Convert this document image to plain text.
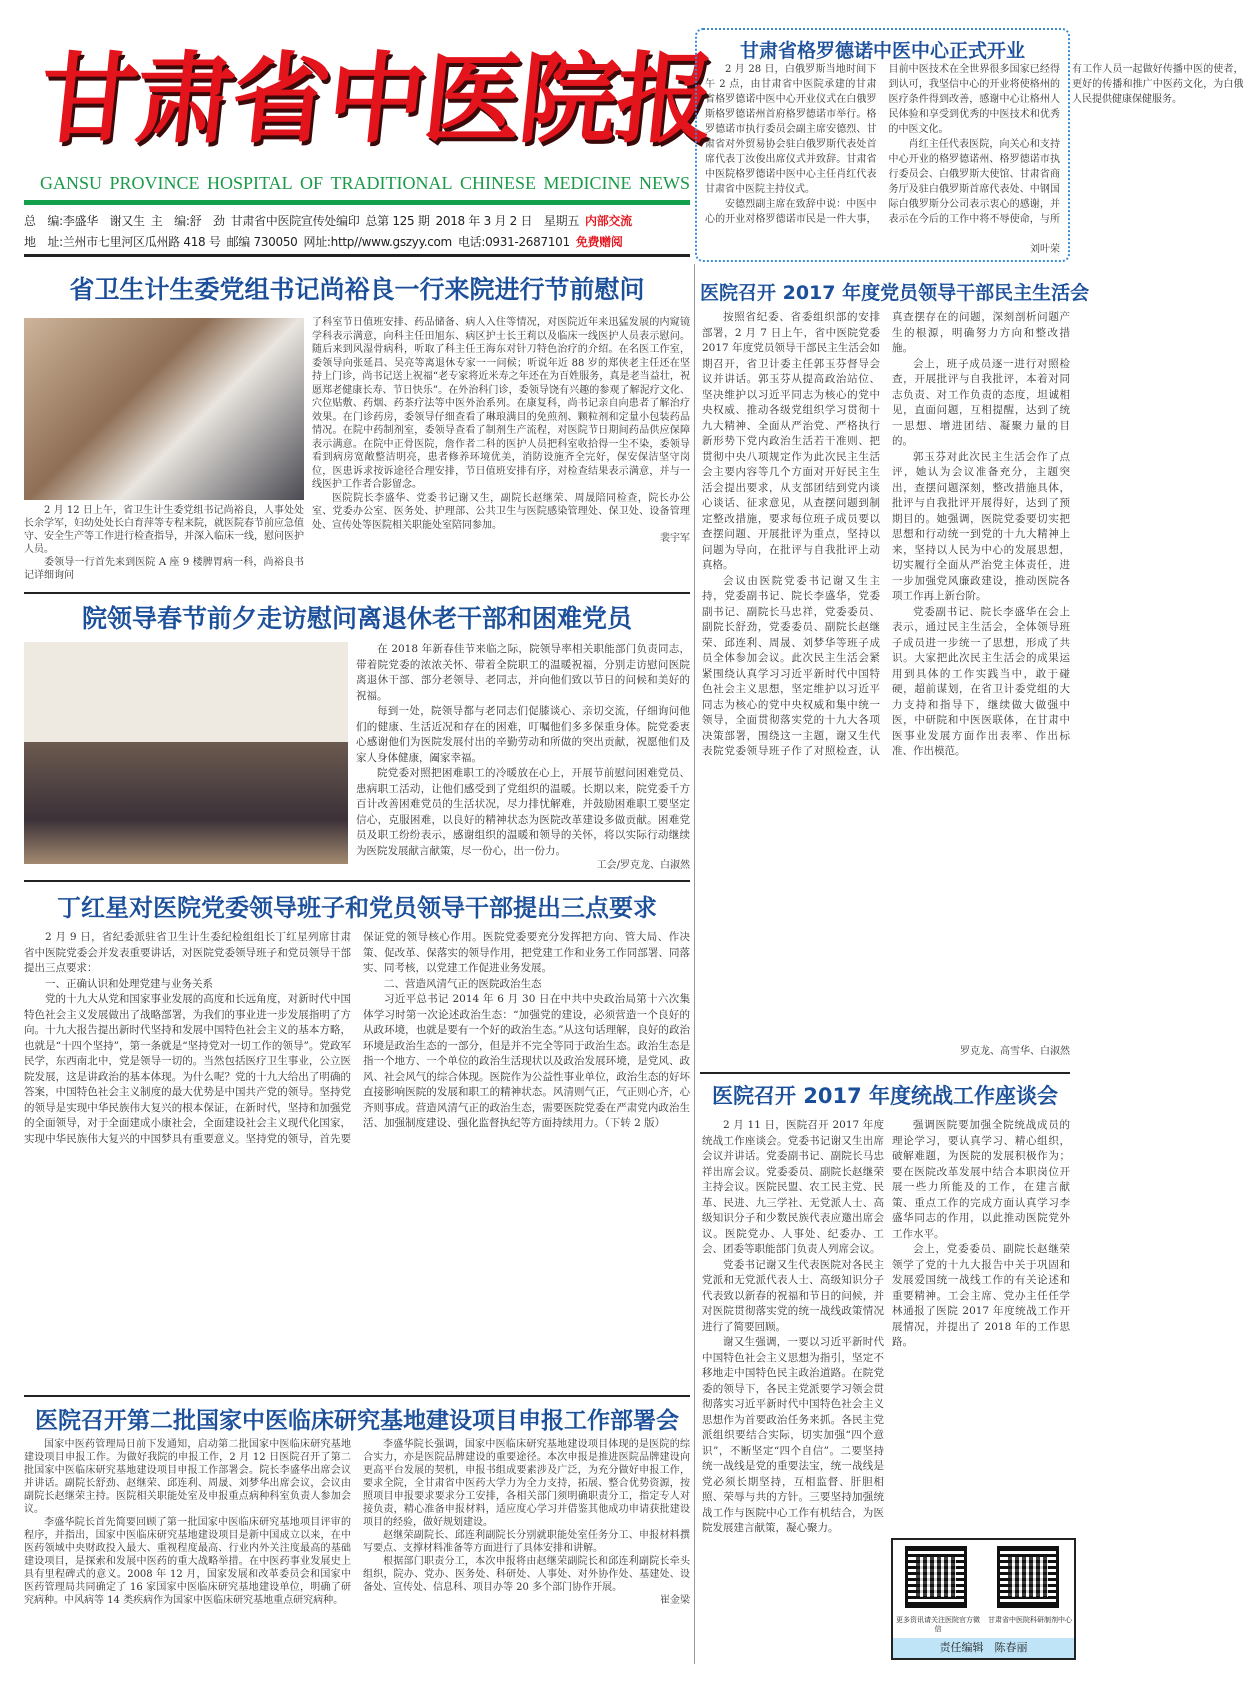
甘肃省中医院报
GANSU PROVINCE HOSPITAL OF TRADITIONAL CHINESE MEDICINE NEWS
总　编:李盛华　谢又生 主　编:舒　劲 甘肃省中医院宣传处编印 总第 125 期 2018 年 3 月 2 日　星期五 内部交流
地　址:兰州市七里河区瓜州路 418 号 邮编 730050 网址:http//www.gszyy.com 电话:0931-2687101 免费赠阅
甘肃省格罗德诺中医中心正式开业

2 月 28 日，白俄罗斯当地时间下午 2 点，由甘肃省中医院承建的甘肃省格罗德诺中医中心开业仪式在白俄罗斯格罗德诺州首府格罗德诺市举行。格罗德诺市执行委员会副主席安德烈、甘肃省对外贸易协会驻白俄罗斯代表处首席代表丁汝俊出席仪式并致辞。甘肃省中医院格罗德诺中医中心主任肖红代表甘肃省中医院主持仪式。

安德烈副主席在致辞中说：中医中心的开业对格罗德诺市民是一件大事，目前中医技术在全世界很多国家已经得到认可，我坚信中心的开业将使格州的医疗条件得到改善，感谢中心让格州人民体验和享受到优秀的中医技术和优秀的中医文化。

肖红主任代表医院，向关心和支持中心开业的格罗德诺州、格罗德诺市执行委员会、白俄罗斯大使馆、甘肃省商务厅及驻白俄罗斯首席代表处、中钢国际白俄罗斯分公司表示衷心的感谢，并表示在今后的工作中将不辱使命，与所有工作人员一起做好传播中医的使者，更好的传播和推广中医药文化，为白俄人民提供健康保健服务。

刘叶荣
省卫生计生委党组书记尚裕良一行来院进行节前慰问

2 月 12 日上午，省卫生计生委党组书记尚裕良，人事处处长余学军，妇幼处处长白育萍等专程来院，就医院春节前应急值守、安全生产等工作进行检查指导，并深入临床一线，慰问医护人员。

委领导一行首先来到医院 A 座 9 楼脾胃病一科，尚裕良书记详细询问

了科室节日值班安排、药品储备、病人入住等情况，对医院近年来迅猛发展的内窥镜学科表示满意，向科主任田旭东、病区护士长王莉以及临床一线医护人员表示慰问。随后来到风湿骨病科，听取了科主任王海东对针刀特色治疗的介绍。在名医工作室，委领导向张延昌、吴亮等离退休专家一一问候；听说年近 88 岁的郑侠老主任还在坚持上门诊，尚书记送上祝福“老专家将近米寿之年还在为百姓服务，真是老当益壮，祝愿郑老健康长寿、节日快乐”。在外治科门诊，委领导饶有兴趣的参观了解泥疗文化、穴位贴敷、药烟、药茶疗法等中医外治系列。在康复科，尚书记亲自向患者了解治疗效果。在门诊药房，委领导仔细查看了琳琅满目的免煎剂、颗粒剂和定量小包装药品情况。在院中药制剂室，委领导查看了制剂生产流程，对医院节日期间药品供应保障表示满意。在院中正骨医院，詹作者二科的医护人员把科室收拾得一尘不染，委领导看到病房宽敞整洁明亮，患者修养环境优美，消防设施齐全完好，保安保洁坚守岗位，医患诉求按诉途径合理安排，节日值班安排有序，对检查结果表示满意，并与一线医护工作者合影留念。

医院院长李盛华、党委书记谢又生，副院长赵继荣、周晟陪同检查，院长办公室、党委办公室、医务处、护理部、公共卫生与医院感染管理处、保卫处、设备管理处、宣传处等医院相关职能处室陪同参加。

裴宇军
院领导春节前夕走访慰问离退休老干部和困难党员

在 2018 年新春佳节来临之际，院领导率相关职能部门负责同志，带着院党委的浓浓关怀、带着全院职工的温暖祝福，分别走访慰问医院离退休干部、部分老领导、老同志，并向他们致以节日的问候和美好的祝福。

每到一处，院领导都与老同志们促膝谈心、亲切交流，仔细询问他们的健康、生活近况和存在的困难，叮嘱他们多多保重身体。院党委衷心感谢他们为医院发展付出的辛勤劳动和所做的突出贡献，祝愿他们及家人身体健康，阖家幸福。

院党委对照把困难职工的冷暖放在心上，开展节前慰问困难党员、患病职工活动，让他们感受到了党组织的温暖。长期以来，院党委千方百计改善困难党员的生活状况，尽力排忧解难，并鼓励困难职工要坚定信心，克服困难，以良好的精神状态为医院改革建设多做贡献。困难党员及职工纷纷表示，感谢组织的温暖和领导的关怀，将以实际行动继续为医院发展献言献策，尽一份心，出一份力。

工会/罗克龙、白淑然
丁红星对医院党委领导班子和党员领导干部提出三点要求

2 月 9 日，省纪委派驻省卫生计生委纪检组组长丁红星列席甘肃省中医院党委会并发表重要讲话，对医院党委领导班子和党员领导干部提出三点要求：

一、正确认识和处理党建与业务关系

党的十九大从党和国家事业发展的高度和长远角度，对新时代中国特色社会主义发展做出了战略部署，为我们的事业进一步发展指明了方向。十九大报告提出新时代坚持和发展中国特色社会主义的基本方略，也就是“十四个坚持”，第一条就是“坚持党对一切工作的领导”。党政军民学，东西南北中，党是领导一切的。当然包括医疗卫生事业，公立医院发展，这是讲政治的基本体现。为什么呢？党的十九大给出了明确的答案，中国特色社会主义制度的最大优势是中国共产党的领导。坚持党的领导是实现中华民族伟大复兴的根本保证，在新时代，坚持和加强党的全面领导，对于全面建成小康社会，全面建设社会主义现代化国家，实现中华民族伟大复兴的中国梦具有重要意义。坚持党的领导，首先要保证党的领导核心作用。医院党委要充分发挥把方向、管大局、作决策、促改革、保落实的领导作用，把党建工作和业务工作同部署、同落实、同考核，以党建工作促进业务发展。

二、营造风清气正的医院政治生态

习近平总书记 2014 年 6 月 30 日在中共中央政治局第十六次集体学习时第一次论述政治生态：“加强党的建设，必须营造一个良好的从政环境，也就是要有一个好的政治生态。”从这句话理解，良好的政治环境是政治生态的一部分，但是并不完全等同于政治生态。政治生态是指一个地方、一个单位的政治生活现状以及政治发展环境，是党风、政风、社会风气的综合体现。医院作为公益性事业单位，政治生态的好坏直接影响医院的发展和职工的精神状态。风清则气正，气正则心齐，心齐则事成。营造风清气正的政治生态，需要医院党委在严肃党内政治生活、加强制度建设、强化监督执纪等方面持续用力。（下转 2 版）

医院召开第二批国家中医临床研究基地建设项目申报工作部署会

国家中医药管理局日前下发通知，启动第二批国家中医临床研究基地建设项目申报工作。为做好我院的申报工作，2 月 12 日医院召开了第二批国家中医临床研究基地建设项目申报工作部署会。院长李盛华出席会议并讲话。副院长舒劲、赵继荣、邱连利、周晟、刘梦华出席会议，会议由副院长赵继荣主持。医院相关职能处室及申报重点病种科室负责人参加会议。

李盛华院长首先简要回顾了第一批国家中医临床研究基地项目评审的程序，并指出，国家中医临床研究基地建设项目是新中国成立以来，在中医药领域中央财政投入最大、重视程度最高、行业内外关注度最高的基础建设项目，是探索和发展中医药的重大战略举措。在中医药事业发展史上具有里程碑式的意义。2008 年 12 月，国家发展和改革委员会和国家中医药管理局共同确定了 16 家国家中医临床研究基地建设单位，明确了研究病种。中风病等 14 类疾病作为国家中医临床研究基地重点研究病种。

李盛华院长强调，国家中医临床研究基地建设项目体现的是医院的综合实力，亦是医院品牌建设的重要途径。本次申报是推进医院品牌建设向更高平台发展的契机，申报书组成要素涉及广泛，为充分做好申报工作，要求全院，全甘肃省中医药大学力为全力支持，拓展、整合优势资源，按照项目申报要求要求分工安排，各相关部门须明确职责分工，指定专人对接负责，精心准备申报材料，适应度心学习并借鉴其他成功申请获批建设项目的经验，做好规划建设。

赵继荣副院长、邱连利副院长分别就职能处室任务分工、申报材料撰写要点、支撑材料准备等方面进行了具体安排和讲解。

根据部门职责分工，本次申报将由赵继荣副院长和邱连利副院长牵头组织，院办、党办、医务处、科研处、人事处、对外协作处、基建处、设备处、宣传处、信息科、项目办等 20 多个部门协作开展。

崔金梁
医院召开 2017 年度党员领导干部民主生活会

按照省纪委、省委组织部的安排部署，2 月 7 日上午，省中医院党委 2017 年度党员领导干部民主生活会如期召开，省卫计委主任郭玉芬督导会议并讲话。郭玉芬从提高政治站位、坚决维护以习近平同志为核心的党中央权威、推动各级党组织学习贯彻十九大精神、全面从严治党、严格执行新形势下党内政治生活若干准则、把贯彻中央八项规定作为此次民主生活会主要内容等几个方面对开好民主生活会提出要求，从支部团结到党内谈心谈话、征求意见，从查摆问题到制定整改措施，要求每位班子成员要以查摆问题、开展批评为重点，坚持以问题为导向，在批评与自我批评上动真格。

会议由医院党委书记谢又生主持，党委副书记、院长李盛华，党委副书记、副院长马忠祥，党委委员、副院长舒劲，党委委员、副院长赵继荣、邱连利、周晟、刘梦华等班子成员全体参加会议。此次民主生活会紧紧围绕认真学习习近平新时代中国特色社会主义思想，坚定维护以习近平同志为核心的党中央权威和集中统一领导，全面贯彻落实党的十九大各项决策部署，围绕这一主题，谢又生代表院党委领导班子作了对照检查，认真查摆存在的问题，深刻剖析问题产生的根源，明确努力方向和整改措施。

会上，班子成员逐一进行对照检查，开展批评与自我批评，本着对同志负责、对工作负责的态度，坦诚相见，直面问题，互相提醒，达到了统一思想、增进团结、凝聚力量的目的。

郭玉芬对此次民主生活会作了点评，她认为会议准备充分，主题突出，查摆问题深刻，整改措施具体，批评与自我批评开展得好，达到了预期目的。她强调，医院党委要切实把思想和行动统一到党的十九大精神上来，坚持以人民为中心的发展思想，切实履行全面从严治党主体责任，进一步加强党风廉政建设，推动医院各项工作再上新台阶。

党委副书记、院长李盛华在会上表示，通过民主生活会，全体领导班子成员进一步统一了思想，形成了共识。大家把此次民主生活会的成果运用到具体的工作实践当中，敢于碰硬，超前谋划，在省卫计委党组的大力支持和指导下，继续做大做强中医，中研院和中医医联体，在甘肃中医事业发展方面作出表率、作出标准、作出模范。

罗克龙、高雪华、白淑然
医院召开 2017 年度统战工作座谈会

2 月 11 日，医院召开 2017 年度统战工作座谈会。党委书记谢又生出席会议并讲话。党委副书记、副院长马忠祥出席会议。党委委员、副院长赵继荣主持会议。医院民盟、农工民主党、民革、民进、九三学社、无党派人士、高级知识分子和少数民族代表应邀出席会议。医院党办、人事处、纪委办、工会、团委等职能部门负责人列席会议。

党委书记谢又生代表医院对各民主党派和无党派代表人士、高级知识分子代表致以新春的祝福和节日的问候，并对医院贯彻落实党的统一战线政策情况进行了简要回顾。

谢又生强调，一要以习近平新时代中国特色社会主义思想为指引，坚定不移地走中国特色民主政治道路。在院党委的领导下，各民主党派要学习领会贯彻落实习近平新时代中国特色社会主义思想作为首要政治任务来抓。各民主党派组织要结合实际，切实加强“四个意识”，不断坚定“四个自信”。二要坚持统一战线是党的重要法宝，统一战线是党必须长期坚持，互相监督、肝胆相照、荣辱与共的方针。三要坚持加强统战工作与医院中心工作有机结合，为医院发展建言献策，凝心聚力。

强调医院要加强全院统战成员的理论学习，要认真学习、精心组织，破解难题，为医院的发展积极作为；要在医院改革发展中结合本职岗位开展一些力所能及的工作，在建言献策、重点工作的完成方面认真学习李盛华同志的作用，以此推动医院党外工作水平。

会上，党委委员、副院长赵继荣领学了党的十九大报告中关于巩固和发展爱国统一战线工作的有关论述和重要精神。工会主席、党办主任任学林通报了医院 2017 年度统战工作开展情况，并提出了 2018 年的工作思路。

更多资讯请关注医院官方微信
甘肃省中医院科研制剂中心
责任编辑　陈春丽
